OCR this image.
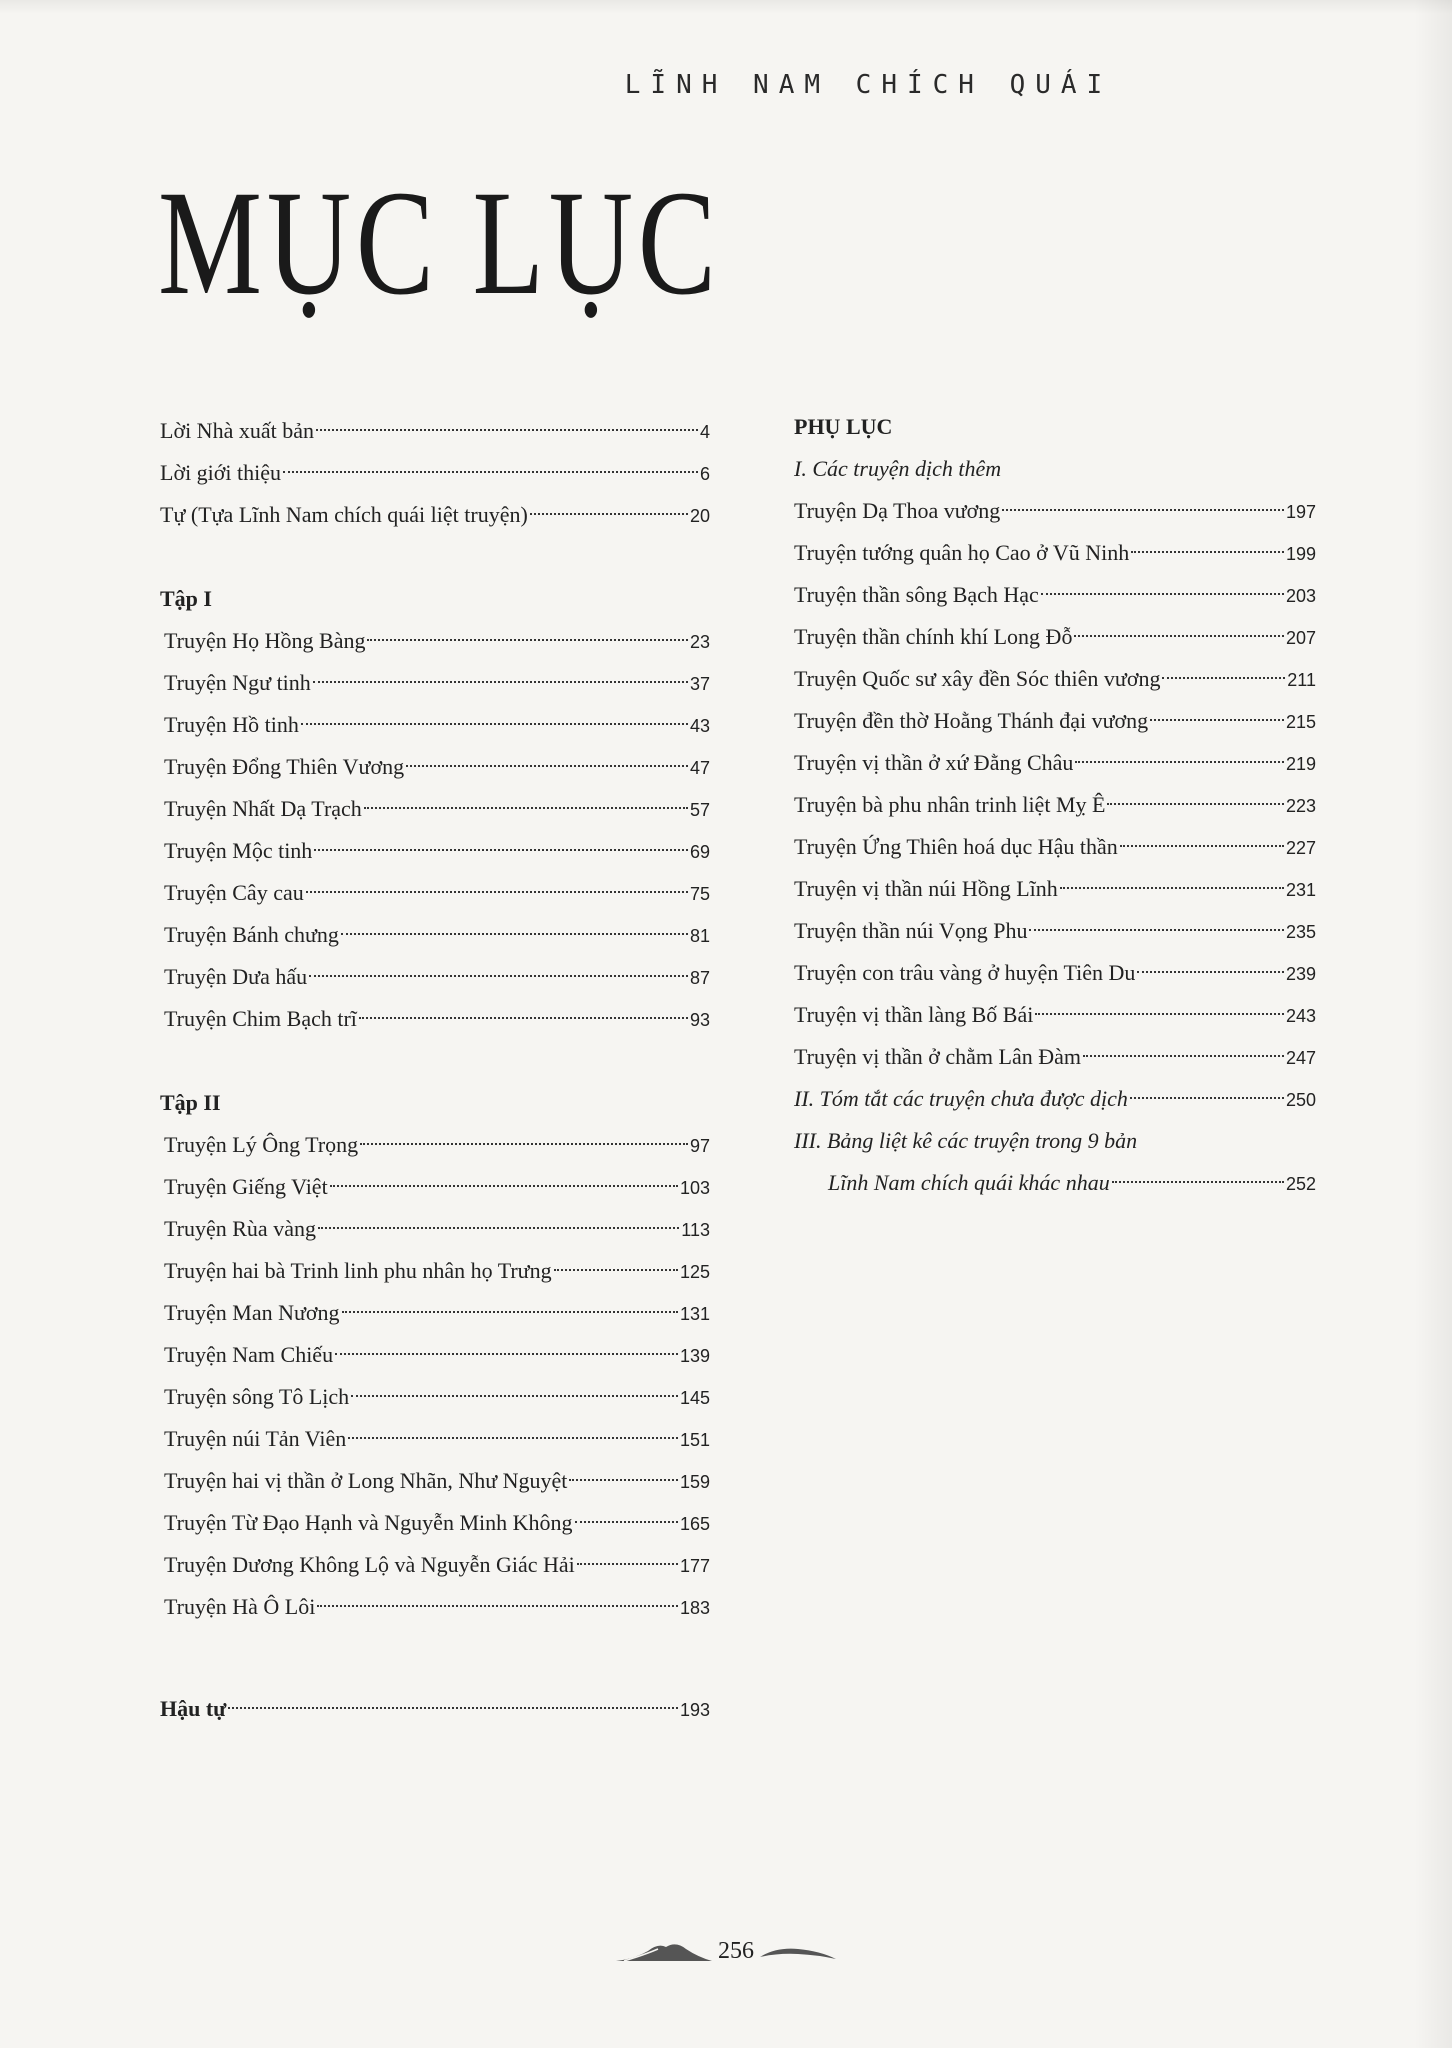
LĨNH NAM CHÍCH QUÁI
MỤC LỤC
Lời Nhà xuất bản	4
Lời giới thiệu	6
Tự (Tựa Lĩnh Nam chích quái liệt truyện)	20
Tập I
Truyện Họ Hồng Bàng	23
Truyện Ngư tinh	37
Truyện Hồ tinh	43
Truyện Đổng Thiên Vương	47
Truyện Nhất Dạ Trạch	57
Truyện Mộc tinh	69
Truyện Cây cau	75
Truyện Bánh chưng	81
Truyện Dưa hấu	87
Truyện Chim Bạch trĩ	93
Tập II
Truyện Lý Ông Trọng	97
Truyện Giếng Việt	103
Truyện Rùa vàng	113
Truyện hai bà Trinh linh phu nhân họ Trưng	125
Truyện Man Nương	131
Truyện Nam Chiếu	139
Truyện sông Tô Lịch	145
Truyện núi Tản Viên	151
Truyện hai vị thần ở Long Nhãn, Như Nguyệt	159
Truyện Từ Đạo Hạnh và Nguyễn Minh Không	165
Truyện Dương Không Lộ và Nguyễn Giác Hải	177
Truyện Hà Ô Lôi	183
Hậu tự	193
PHỤ LỤC
I. Các truyện dịch thêm
Truyện Dạ Thoa vương	197
Truyện tướng quân họ Cao ở Vũ Ninh	199
Truyện thần sông Bạch Hạc	203
Truyện thần chính khí Long Đỗ	207
Truyện Quốc sư xây đền Sóc thiên vương	211
Truyện đền thờ Hoằng Thánh đại vương	215
Truyện vị thần ở xứ Đằng Châu	219
Truyện bà phu nhân trinh liệt Mỵ Ê	223
Truyện Ứng Thiên hoá dục Hậu thần	227
Truyện vị thần núi Hồng Lĩnh	231
Truyện thần núi Vọng Phu	235
Truyện con trâu vàng ở huyện Tiên Du	239
Truyện vị thần làng Bố Bái	243
Truyện vị thần ở chằm Lân Đàm	247
II. Tóm tắt các truyện chưa được dịch	250
III. Bảng liệt kê các truyện trong 9 bản
Lĩnh Nam chích quái khác nhau	252
256
